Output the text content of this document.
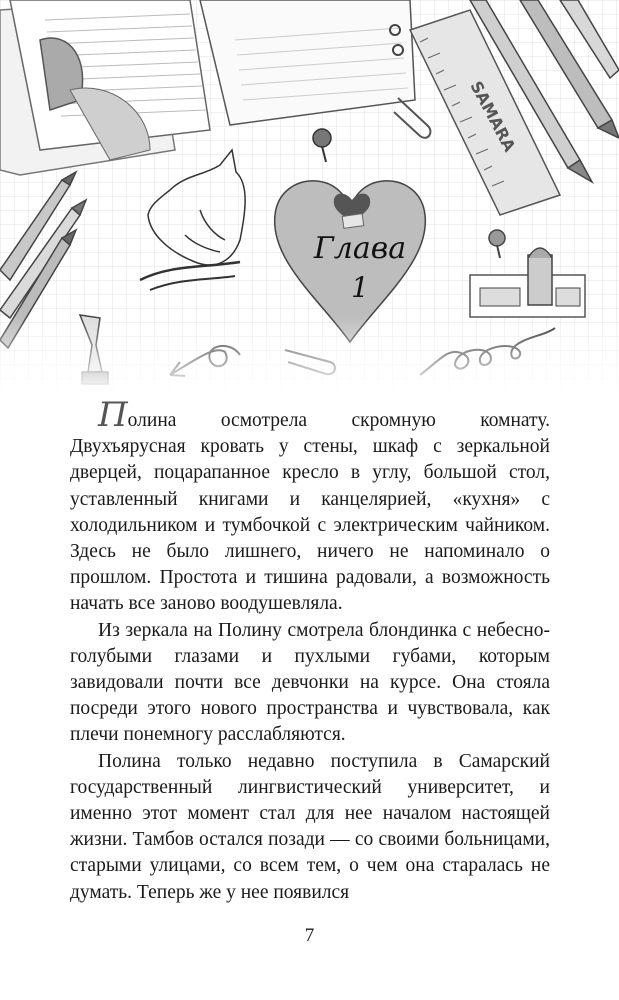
Полина осмотрела скромную комнату. Двухъярусная кровать у стены, шкаф с зеркальной дверцей, поцарапанное кресло в углу, большой стол, уставленный книгами и канцелярией, «кухня» с холодильником и тумбочкой с электрическим чайником. Здесь не было лишнего, ничего не напоминало о прошлом. Простота и тишина радовали, а возможность начать все заново воодушевляла.

Из зеркала на Полину смотрела блондинка с небесно-голубыми глазами и пухлыми губами, которым завидовали почти все девчонки на курсе. Она стояла посреди этого нового пространства и чувствовала, как плечи понемногу расслабляются.

Полина только недавно поступила в Самарский государственный лингвистический университет, и именно этот момент стал для нее началом настоящей жизни. Тамбов остался позади — со своими больницами, старыми улицами, со всем тем, о чем она старалась не думать. Теперь же у нее появился

7
